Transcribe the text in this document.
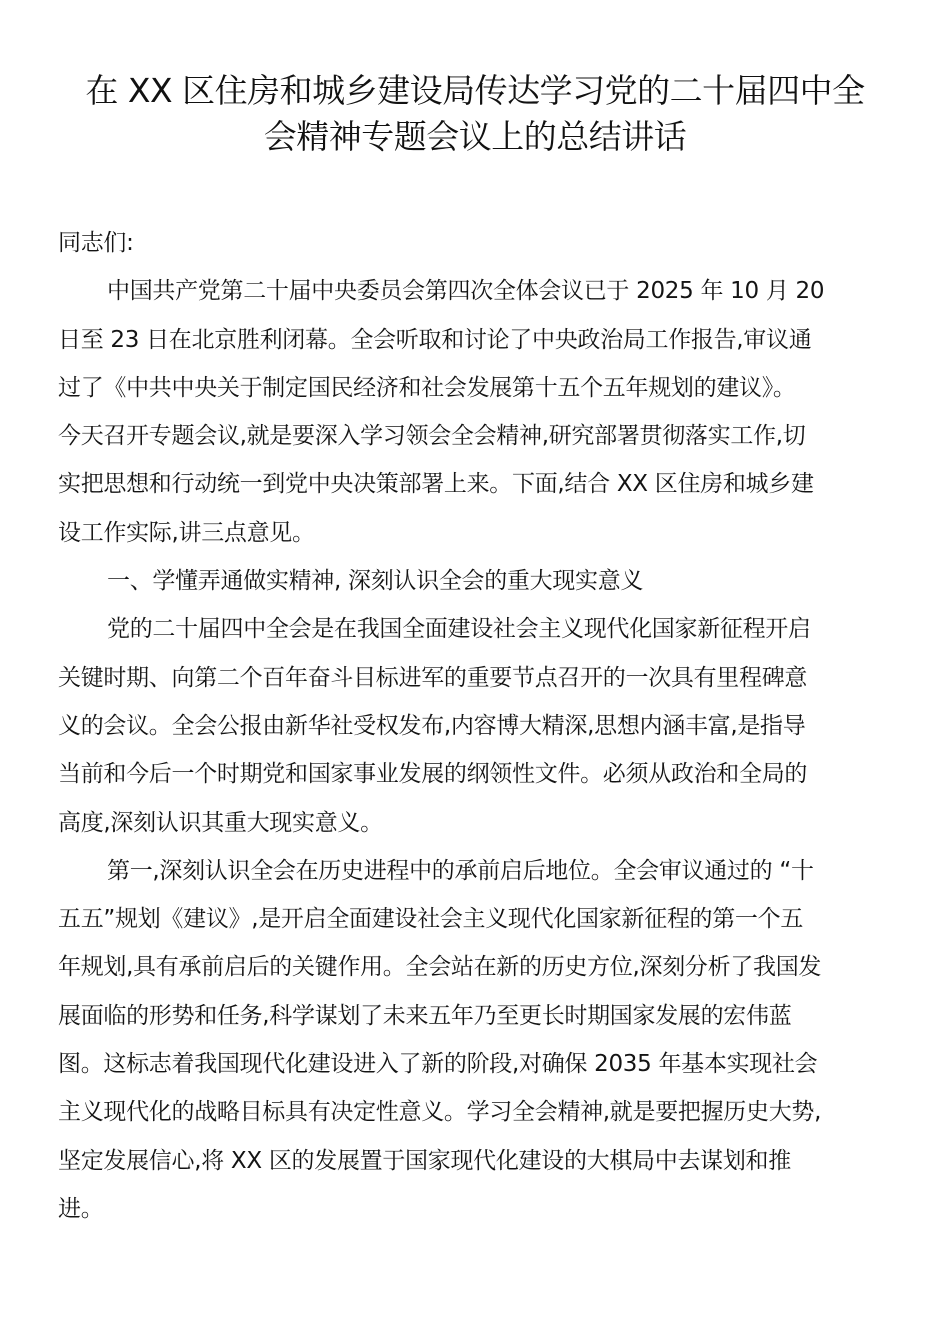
在 XX 区住房和城乡建设局传达学习党的二十届四中全
会精神专题会议上的总结讲话
同志们:
中国共产党第二十届中央委员会第四次全体会议已于 2025 年 10 月 20
日至 23 日在北京胜利闭幕。全会听取和讨论了中央政治局工作报告,审议通
过了《中共中央关于制定国民经济和社会发展第十五个五年规划的建议》。
今天召开专题会议,就是要深入学习领会全会精神,研究部署贯彻落实工作,切
实把思想和行动统一到党中央决策部署上来。下面,结合 XX 区住房和城乡建
设工作实际,讲三点意见。
一、学懂弄通做实精神, 深刻认识全会的重大现实意义
党的二十届四中全会是在我国全面建设社会主义现代化国家新征程开启
关键时期、向第二个百年奋斗目标进军的重要节点召开的一次具有里程碑意
义的会议。全会公报由新华社受权发布,内容博大精深,思想内涵丰富,是指导
当前和今后一个时期党和国家事业发展的纲领性文件。必须从政治和全局的
高度,深刻认识其重大现实意义。
第一,深刻认识全会在历史进程中的承前启后地位。全会审议通过的 “十
五五”规划《建议》,是开启全面建设社会主义现代化国家新征程的第一个五
年规划,具有承前启后的关键作用。全会站在新的历史方位,深刻分析了我国发
展面临的形势和任务,科学谋划了未来五年乃至更长时期国家发展的宏伟蓝
图。这标志着我国现代化建设进入了新的阶段,对确保 2035 年基本实现社会
主义现代化的战略目标具有决定性意义。学习全会精神,就是要把握历史大势,
坚定发展信心,将 XX 区的发展置于国家现代化建设的大棋局中去谋划和推
进。
